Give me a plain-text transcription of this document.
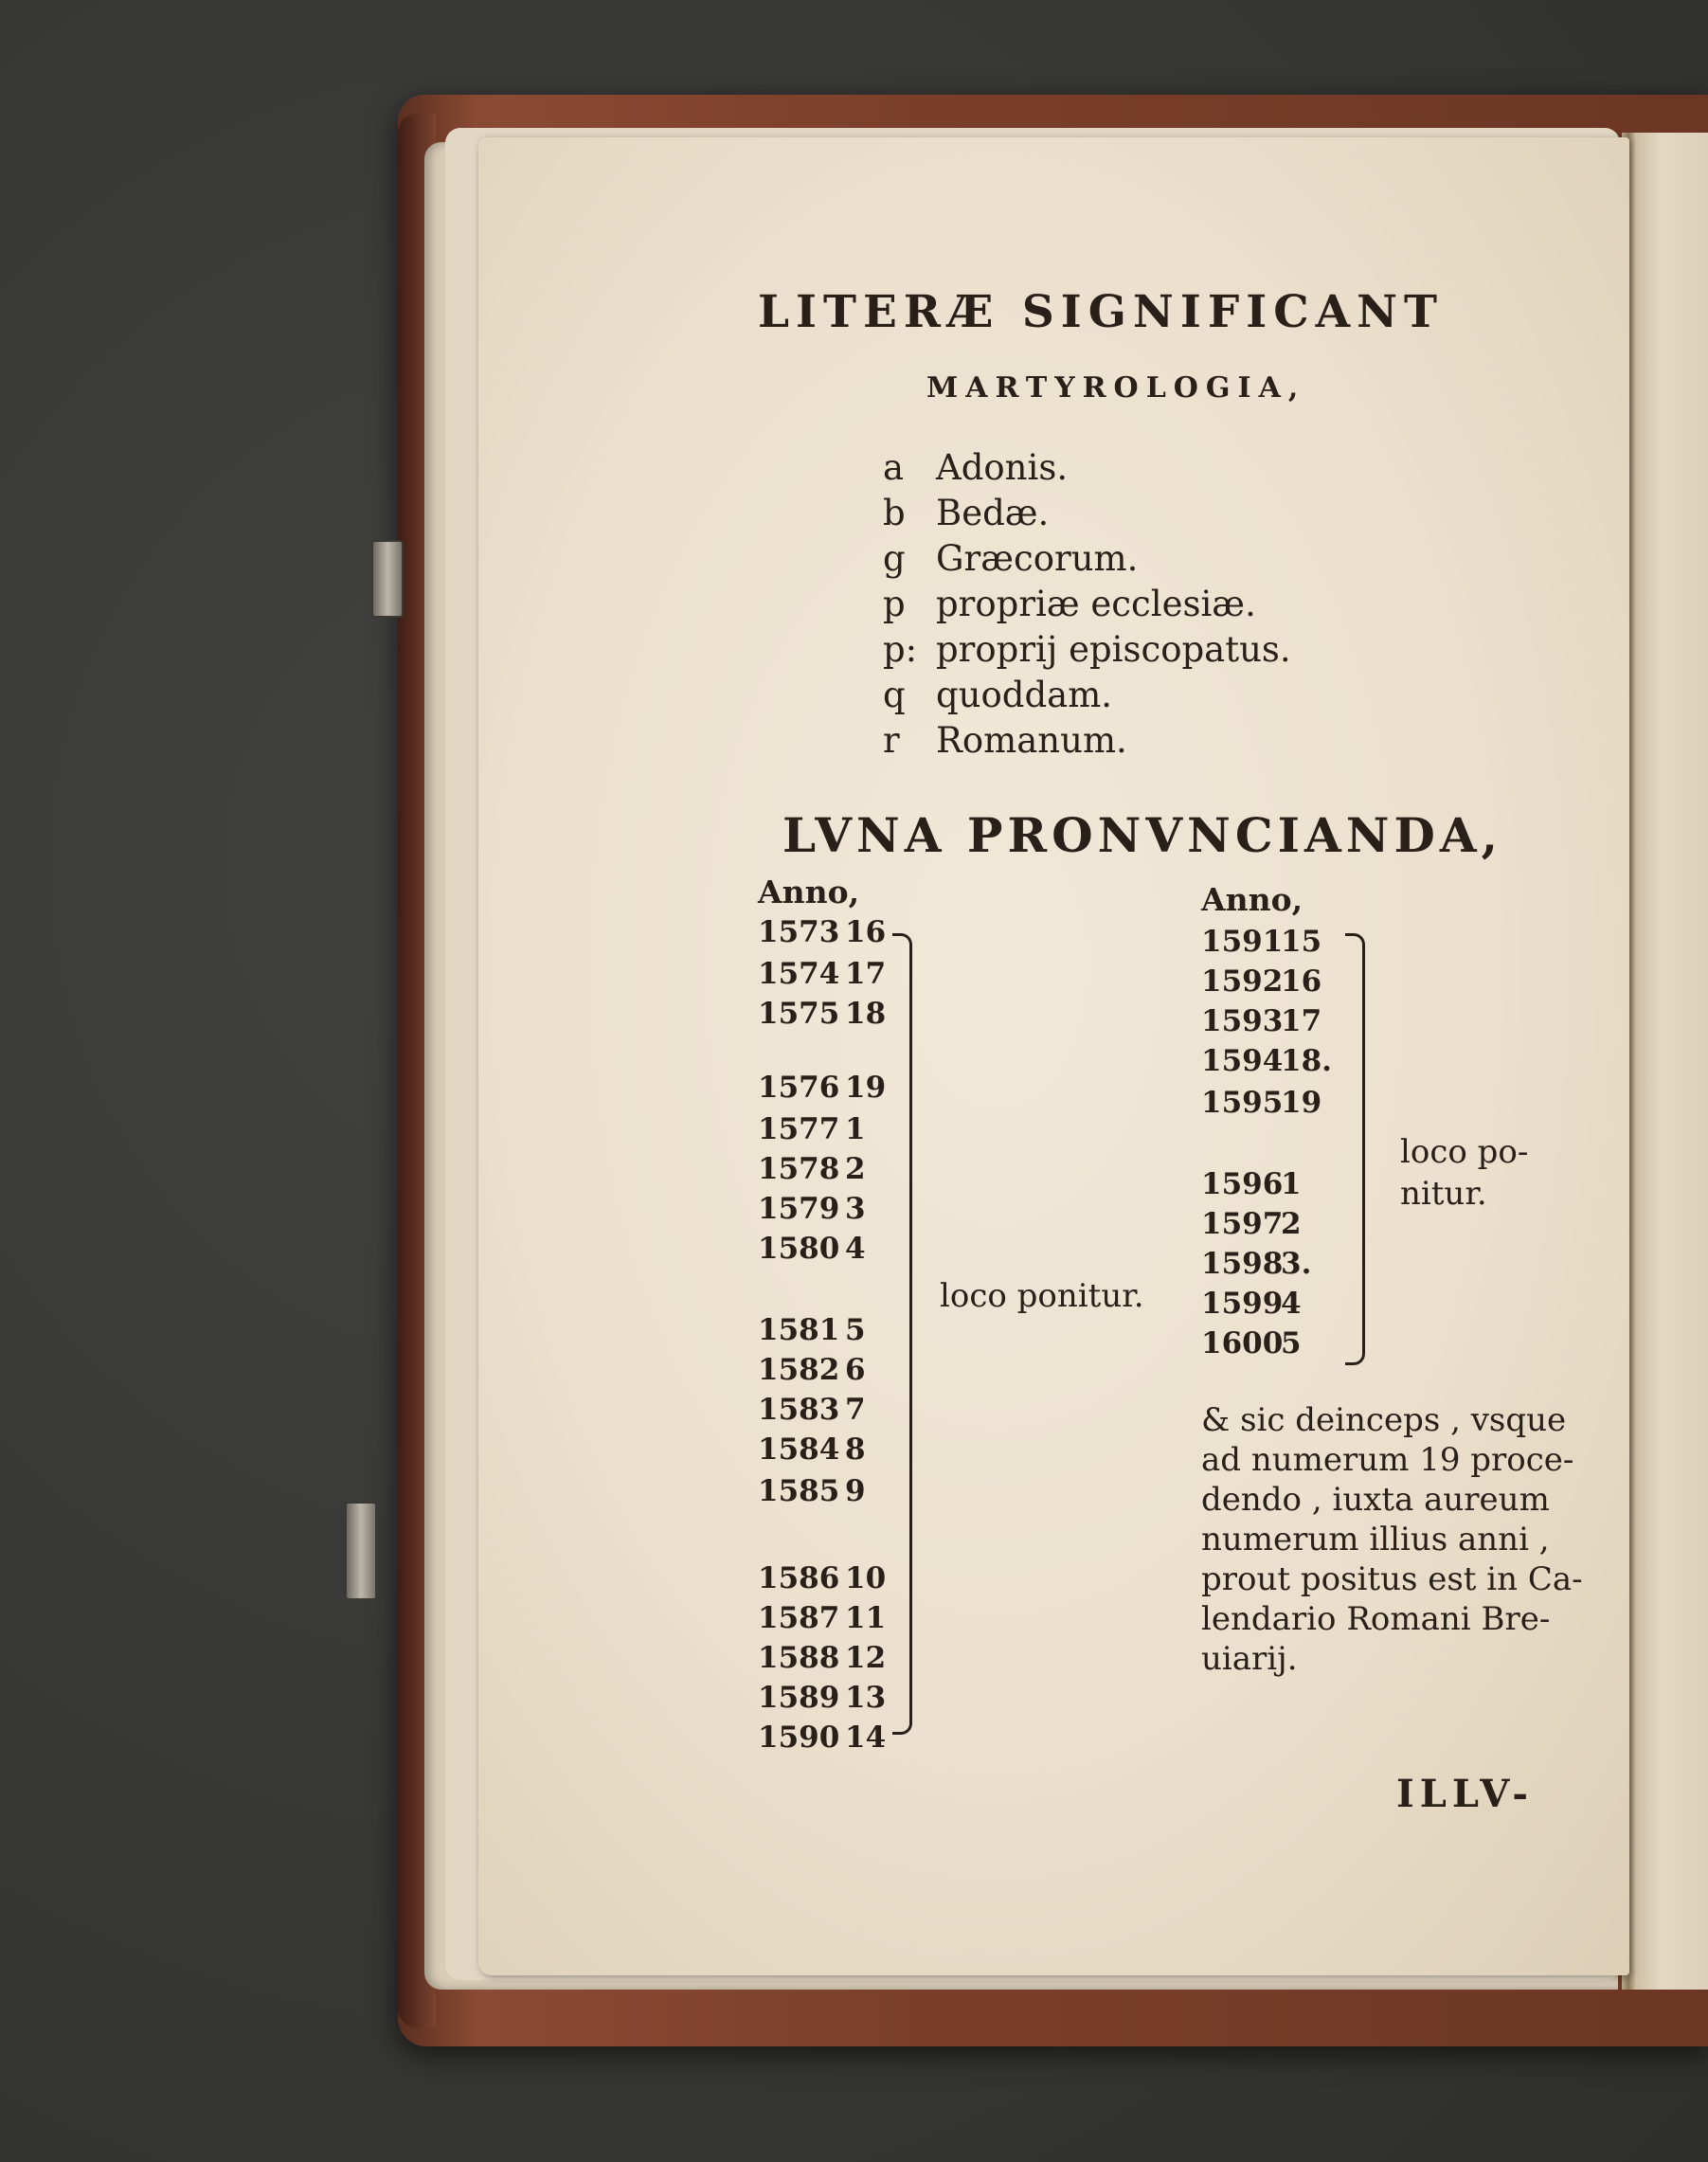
LITERÆ SIGNIFICANT
MARTYROLOGIA,
a Adonis.
b Bedæ.
g Græcorum.
p propriæ ecclesiæ.
p: proprij episcopatus.
q quoddam.
r Romanum.
LVNA PRONVNCIANDA,
Anno,
1573 16
1574 17
1575 18
1576 19
1577 1
1578 2
1579 3
1580 4
1581 5
1582 6
1583 7
1584 8
1585 9
1586 10
1587 11
1588 12
1589 13
1590 14
loco ponitur.
Anno,
1591
15
1592
16
1593
17
1594
18.
1595
19
1596
1
1597
2
1598
3.
1599
4
1600
5
loco po-
nitur.
& sic deinceps , vsque
ad numerum 19 proce-
dendo , iuxta aureum
numerum illius anni ,
prout positus est in Ca-
lendario Romani Bre-
uiarij.
ILLV-
